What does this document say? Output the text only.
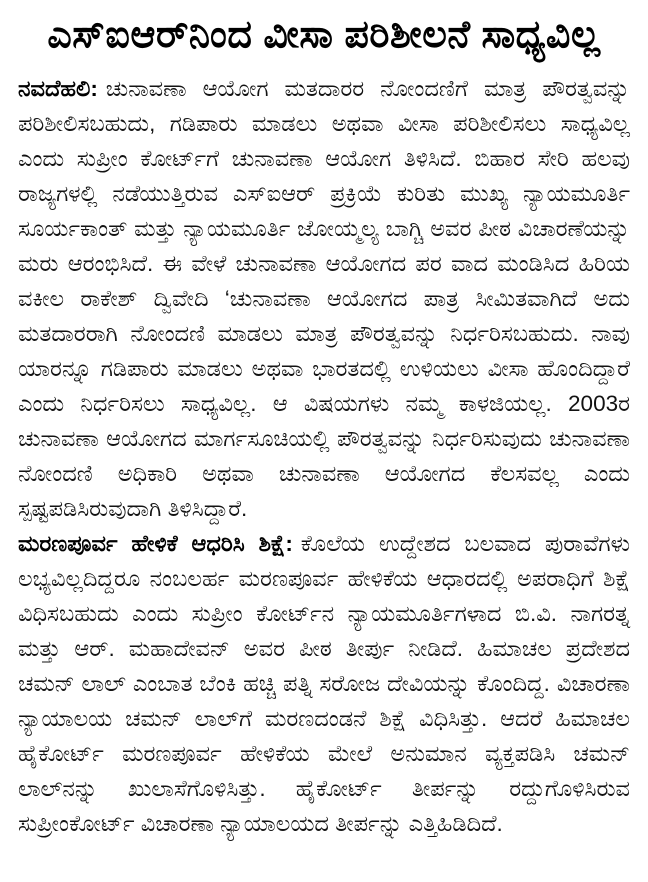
ಎಸ್‌ಐಆರ್‌ನಿಂದ ವೀಸಾ ಪರಿಶೀಲನೆ ಸಾಧ್ಯವಿಲ್ಲ

ನವದೆಹಲಿ: ಚುನಾವಣಾ ಆಯೋಗ ಮತದಾರರ ನೋಂದಣಿಗೆ ಮಾತ್ರ ಪೌರತ್ವವನ್ನು ಪರಿಶೀಲಿಸಬಹುದು, ಗಡಿಪಾರು ಮಾಡಲು ಅಥವಾ ವೀಸಾ ಪರಿಶೀಲಿಸಲು ಸಾಧ್ಯವಿಲ್ಲ ಎಂದು ಸುಪ್ರೀಂ ಕೋರ್ಟ್‌ಗೆ ಚುನಾವಣಾ ಆಯೋಗ ತಿಳಿಸಿದೆ. ಬಿಹಾರ ಸೇರಿ ಹಲವು ರಾಜ್ಯಗಳಲ್ಲಿ ನಡೆಯುತ್ತಿರುವ ಎಸ್‌ಐಆರ್ ಪ್ರಕ್ರಿಯೆ ಕುರಿತು ಮುಖ್ಯ ನ್ಯಾಯಮೂರ್ತಿ ಸೂರ್ಯಕಾಂತ್ ಮತ್ತು ನ್ಯಾಯಮೂರ್ತಿ ಜೋಯ್ಮಲ್ಯ ಬಾಗ್ಚಿ ಅವರ ಪೀಠ ವಿಚಾರಣೆಯನ್ನು ಮರು ಆರಂಭಿಸಿದೆ. ಈ ವೇಳೆ ಚುನಾವಣಾ ಆಯೋಗದ ಪರ ವಾದ ಮಂಡಿಸಿದ ಹಿರಿಯ ವಕೀಲ ರಾಕೇಶ್ ದ್ವಿವೇದಿ ‘ಚುನಾವಣಾ ಆಯೋಗದ ಪಾತ್ರ ಸೀಮಿತವಾಗಿದೆ ಅದು ಮತದಾರರಾಗಿ ನೋಂದಣಿ ಮಾಡಲು ಮಾತ್ರ ಪೌರತ್ವವನ್ನು ನಿರ್ಧರಿಸಬಹುದು. ನಾವು ಯಾರನ್ನೂ ಗಡಿಪಾರು ಮಾಡಲು ಅಥವಾ ಭಾರತದಲ್ಲಿ ಉಳಿಯಲು ವೀಸಾ ಹೊಂದಿದ್ದಾರೆ ಎಂದು ನಿರ್ಧರಿಸಲು ಸಾಧ್ಯವಿಲ್ಲ. ಆ ವಿಷಯಗಳು ನಮ್ಮ ಕಾಳಜಿಯಲ್ಲ. 2003ರ ಚುನಾವಣಾ ಆಯೋಗದ ಮಾರ್ಗಸೂಚಿಯಲ್ಲಿ ಪೌರತ್ವವನ್ನು ನಿರ್ಧರಿಸುವುದು ಚುನಾವಣಾ ನೋಂದಣಿ ಅಧಿಕಾರಿ ಅಥವಾ ಚುನಾವಣಾ ಆಯೋಗದ ಕೆಲಸವಲ್ಲ ಎಂದು ಸ್ಪಷ್ಟಪಡಿಸಿರುವುದಾಗಿ ತಿಳಿಸಿದ್ದಾರೆ.

ಮರಣಪೂರ್ವ ಹೇಳಿಕೆ ಆಧರಿಸಿ ಶಿಕ್ಷೆ: ಕೊಲೆಯ ಉದ್ದೇಶದ ಬಲವಾದ ಪುರಾವೆಗಳು ಲಭ್ಯವಿಲ್ಲದಿದ್ದರೂ ನಂಬಲರ್ಹ ಮರಣಪೂರ್ವ ಹೇಳಿಕೆಯ ಆಧಾರದಲ್ಲಿ ಅಪರಾಧಿಗೆ ಶಿಕ್ಷೆ ವಿಧಿಸಬಹುದು ಎಂದು ಸುಪ್ರೀಂ ಕೋರ್ಟ್‌ನ ನ್ಯಾಯಮೂರ್ತಿಗಳಾದ ಬಿ.ವಿ. ನಾಗರತ್ನ ಮತ್ತು ಆರ್. ಮಹಾದೇವನ್ ಅವರ ಪೀಠ ತೀರ್ಪು ನೀಡಿದೆ. ಹಿಮಾಚಲ ಪ್ರದೇಶದ ಚಮನ್ ಲಾಲ್ ಎಂಬಾತ ಬೆಂಕಿ ಹಚ್ಚಿ ಪತ್ನಿ ಸರೋಜ ದೇವಿಯನ್ನು ಕೊಂದಿದ್ದ. ವಿಚಾರಣಾ ನ್ಯಾಯಾಲಯ ಚಮನ್ ಲಾಲ್‌ಗೆ ಮರಣದಂಡನೆ ಶಿಕ್ಷೆ ವಿಧಿಸಿತ್ತು. ಆದರೆ ಹಿಮಾಚಲ ಹೈಕೋರ್ಟ್ ಮರಣಪೂರ್ವ ಹೇಳಿಕೆಯ ಮೇಲೆ ಅನುಮಾನ ವ್ಯಕ್ತಪಡಿಸಿ ಚಮನ್ ಲಾಲ್‌ನನ್ನು ಖುಲಾಸೆಗೊಳಿಸಿತ್ತು. ಹೈಕೋರ್ಟ್ ತೀರ್ಪನ್ನು ರದ್ದುಗೊಳಿಸಿರುವ ಸುಪ್ರೀಂಕೋರ್ಟ್ ವಿಚಾರಣಾ ನ್ಯಾಯಾಲಯದ ತೀರ್ಪನ್ನು ಎತ್ತಿಹಿಡಿದಿದೆ.
